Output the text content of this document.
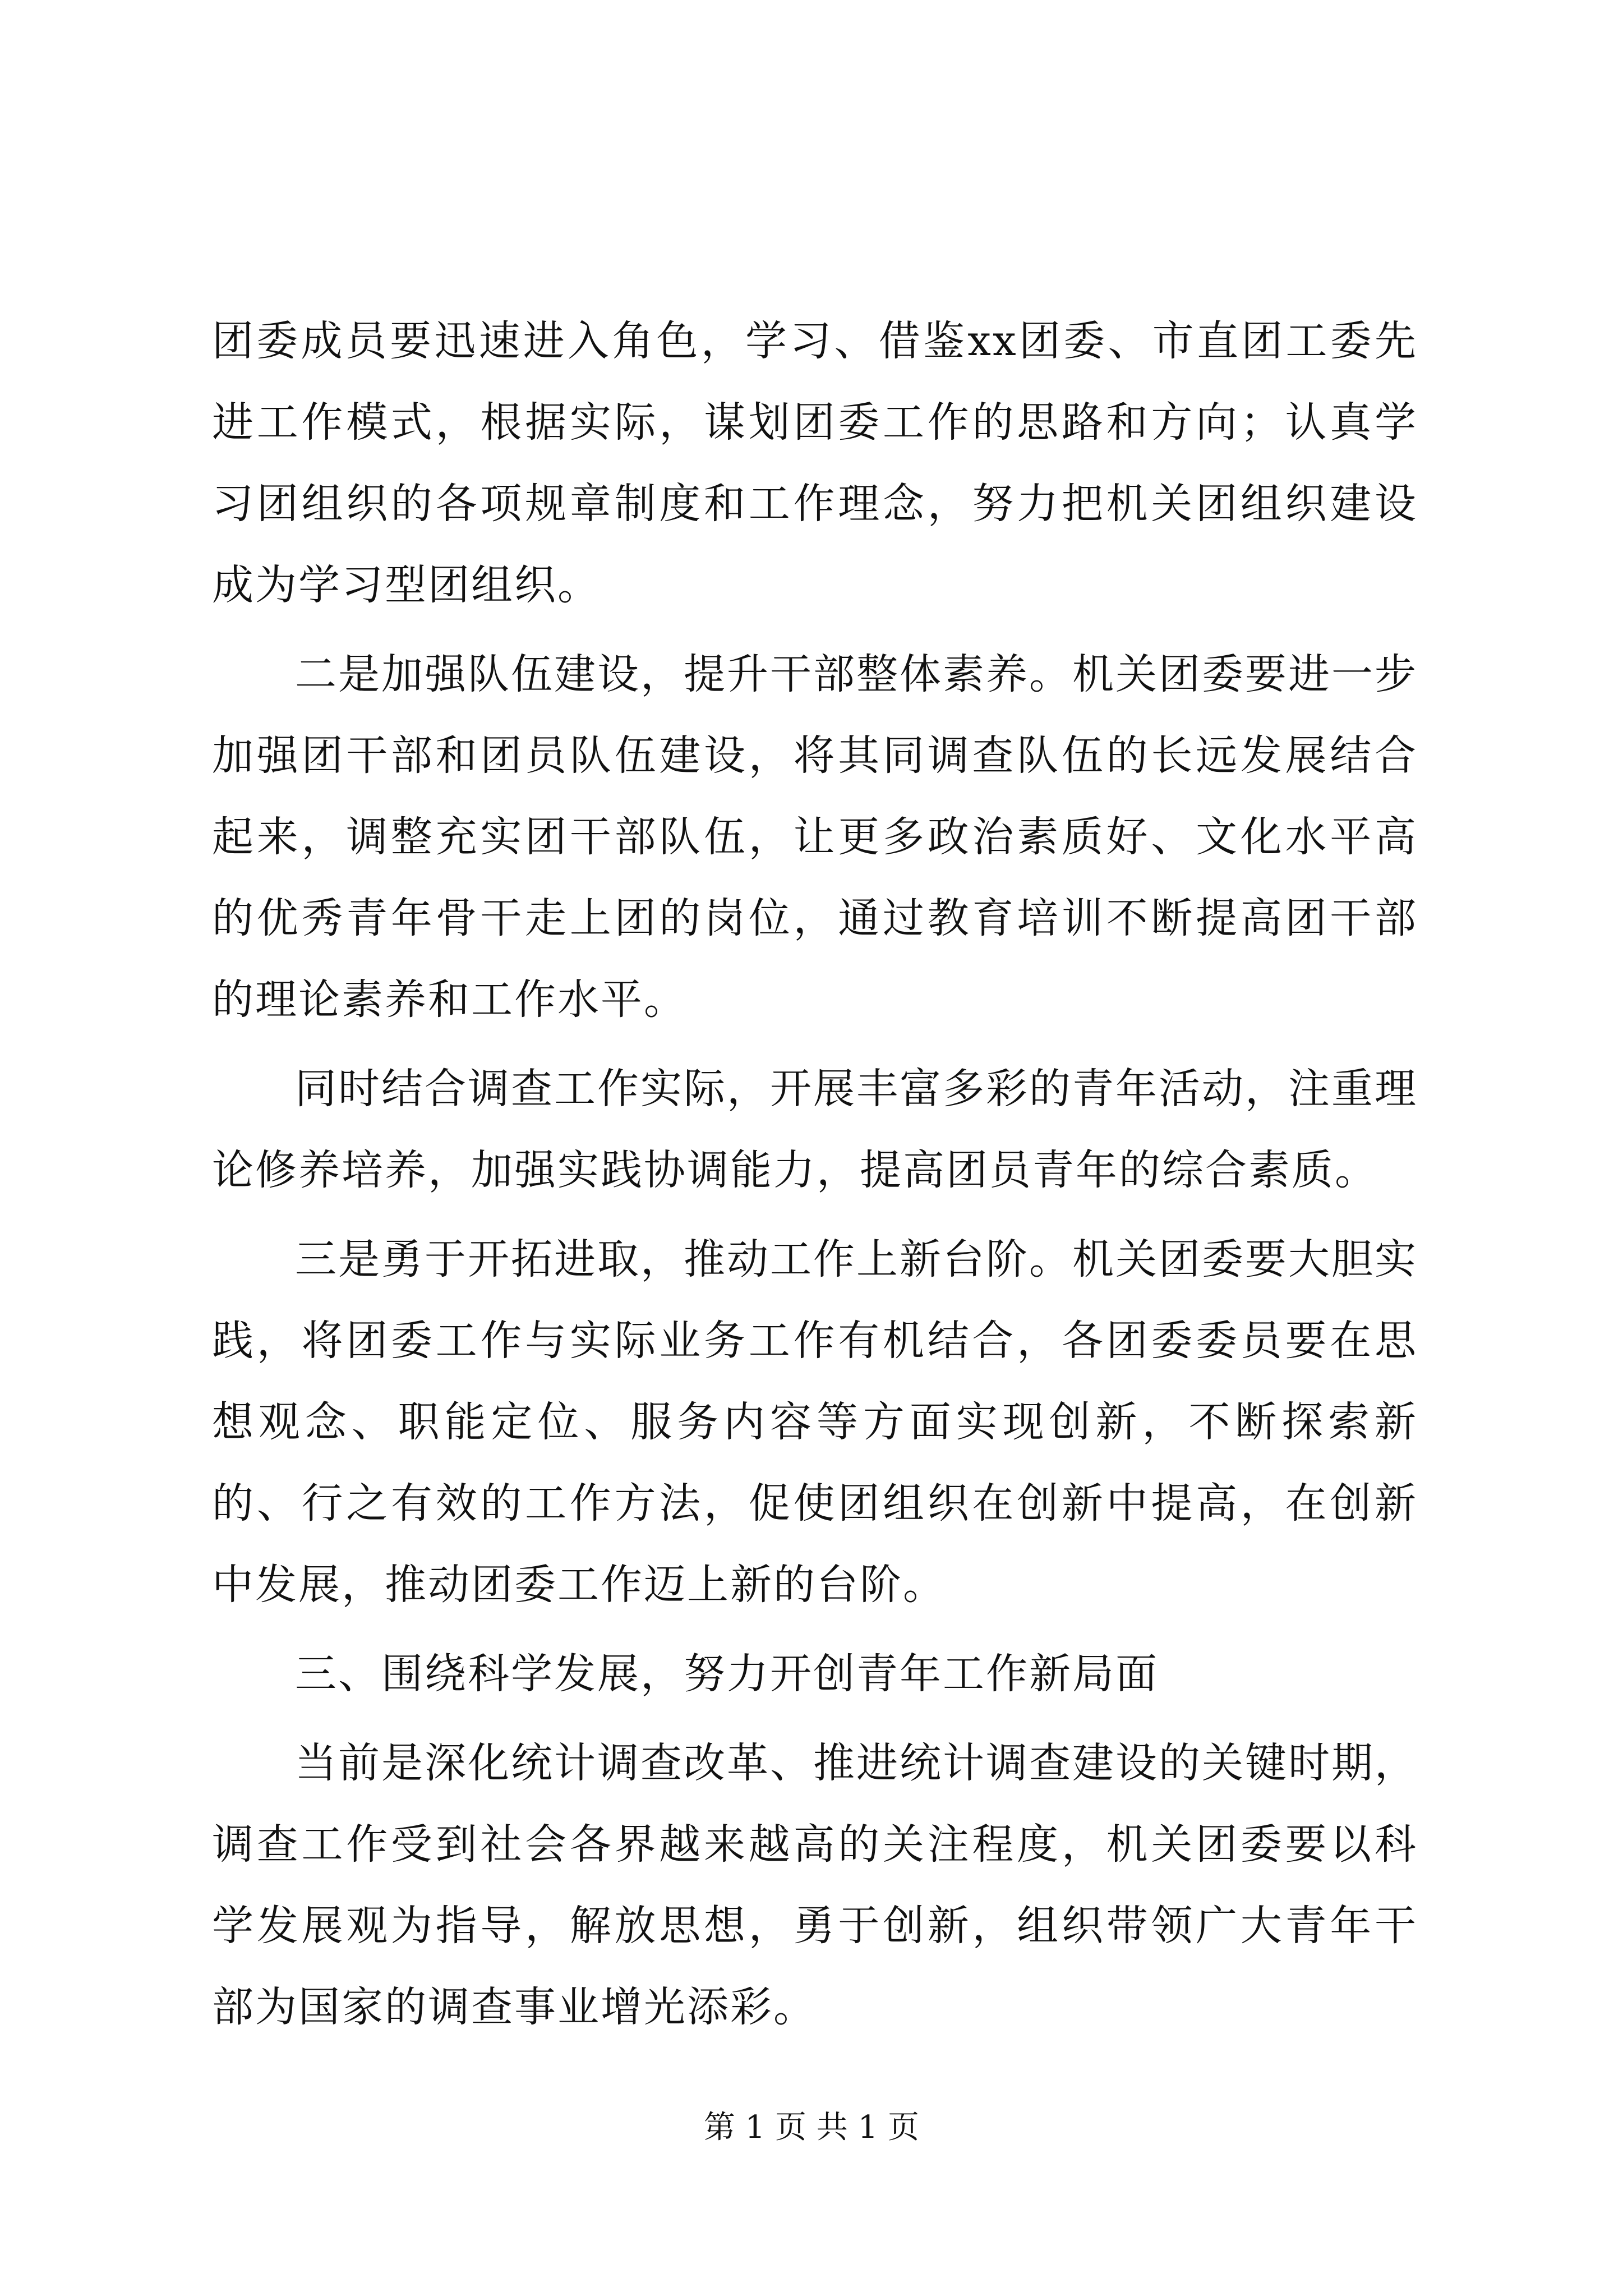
团委成员要迅速进入角色，学习、借鉴xx团委、市直团工委先进工作模式，根据实际，谋划团委工作的思路和方向；认真学习团组织的各项规章制度和工作理念，努力把机关团组织建设成为学习型团组织。

二是加强队伍建设，提升干部整体素养。机关团委要进一步加强团干部和团员队伍建设，将其同调查队伍的长远发展结合起来，调整充实团干部队伍，让更多政治素质好、文化水平高的优秀青年骨干走上团的岗位，通过教育培训不断提高团干部的理论素养和工作水平。

同时结合调查工作实际，开展丰富多彩的青年活动，注重理论修养培养，加强实践协调能力，提高团员青年的综合素质。

三是勇于开拓进取，推动工作上新台阶。机关团委要大胆实践，将团委工作与实际业务工作有机结合，各团委委员要在思想观念、职能定位、服务内容等方面实现创新，不断探索新的、行之有效的工作方法，促使团组织在创新中提高，在创新中发展，推动团委工作迈上新的台阶。

三、围绕科学发展，努力开创青年工作新局面

当前是深化统计调查改革、推进统计调查建设的关键时期，调查工作受到社会各界越来越高的关注程度，机关团委要以科学发展观为指导，解放思想，勇于创新，组织带领广大青年干部为国家的调查事业增光添彩。

第 1 页 共 1 页
